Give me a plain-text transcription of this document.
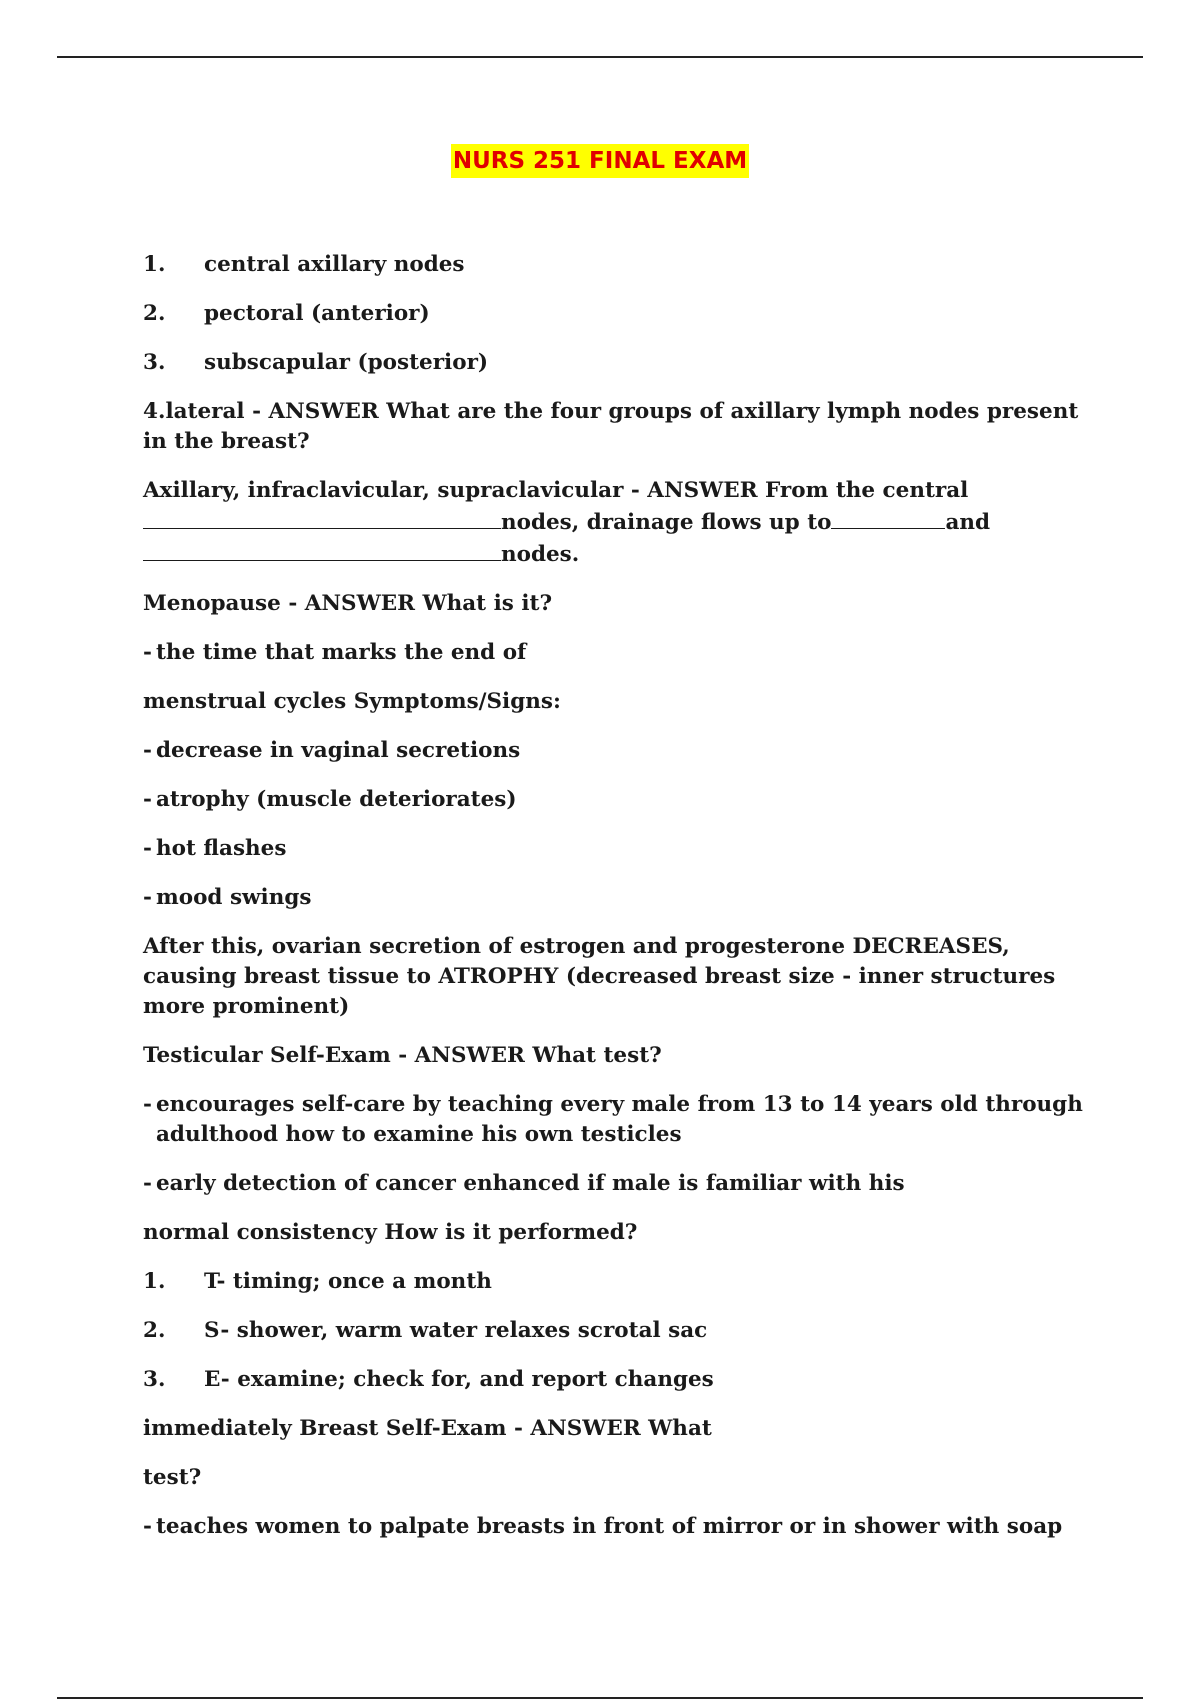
NURS 251 FINAL EXAM
1.	central axillary nodes
2.	pectoral (anterior)
3.	subscapular (posterior)
4.lateral - ANSWER What are the four groups of axillary lymph nodes present in the breast?
Axillary, infraclavicular, supraclavicular - ANSWER From the central
nodes, drainage flows up to	and
nodes.
Menopause - ANSWER What is it?
- the time that marks the end of
menstrual cycles Symptoms/Signs:
- decrease in vaginal secretions
- atrophy (muscle deteriorates)
- hot flashes
- mood swings
After this, ovarian secretion of estrogen and progesterone DECREASES, causing breast tissue to ATROPHY (decreased breast size - inner structures more prominent)
Testicular Self-Exam - ANSWER What test?
- encourages self-care by teaching every male from 13 to 14 years old through adulthood how to examine his own testicles
- early detection of cancer enhanced if male is familiar with his
normal consistency How is it performed?
1.	T- timing; once a month
2.	S- shower, warm water relaxes scrotal sac
3.	E- examine; check for, and report changes
immediately Breast Self-Exam - ANSWER What
test?
- teaches women to palpate breasts in front of mirror or in shower with soap
